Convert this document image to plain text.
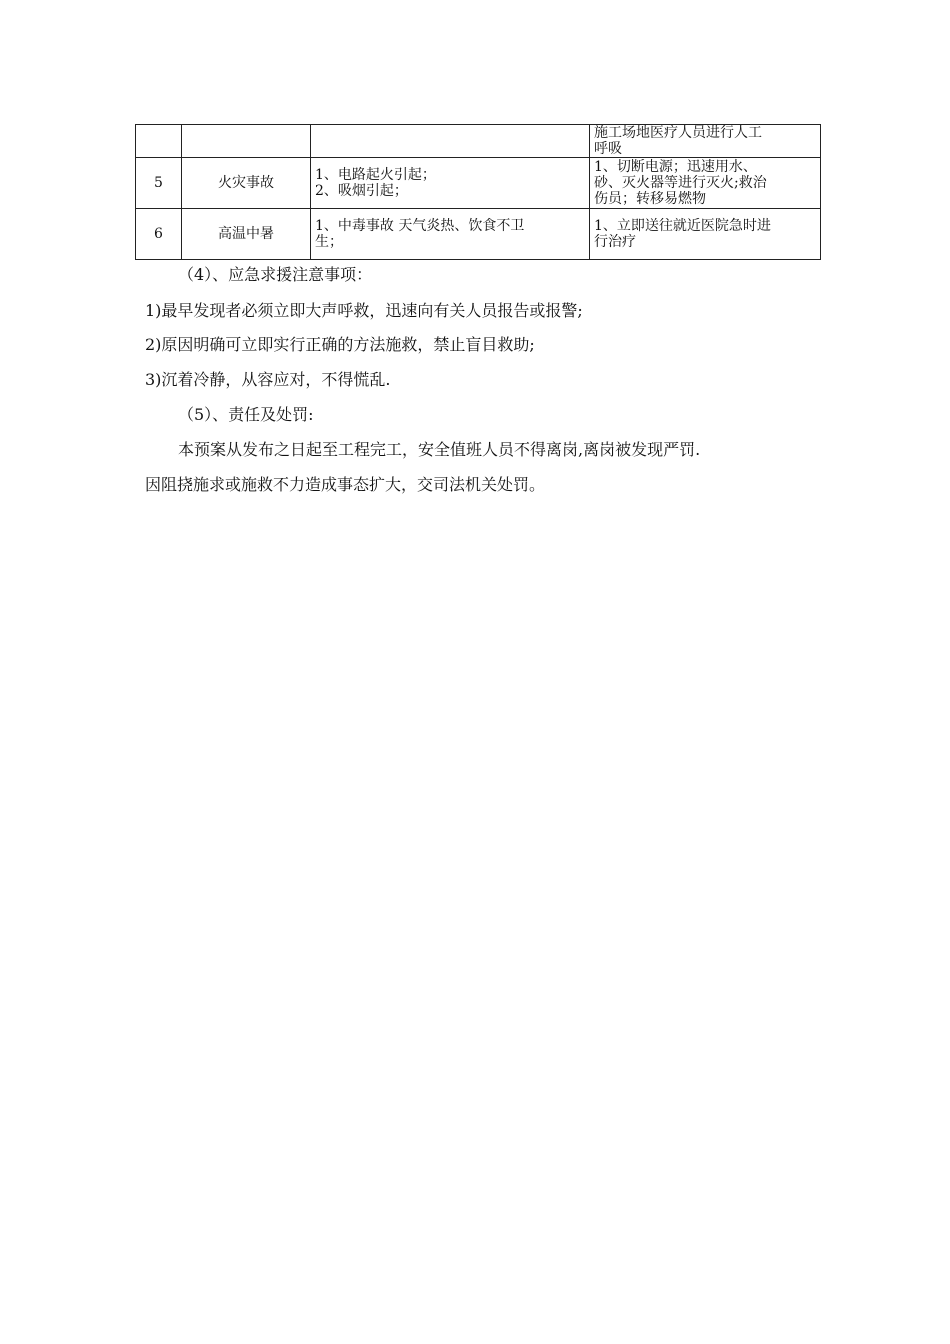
			施工场地医疗人员进行人工
呼吸

5	火灾事故	1、电路起火引起；
2、吸烟引起；	1、切断电源；迅速用水、
砂、灭火器等进行灭火;救治
伤员；转移易燃物

6	高温中暑	1、中毒事故 天气炎热、饮食不卫
生；	1、立即送往就近医院急时进
行治疗
（4）、应急求援注意事项：
1)最早发现者必须立即大声呼救，迅速向有关人员报告或报警;
2)原因明确可立即实行正确的方法施救，禁止盲目救助;
3)沉着冷静，从容应对，不得慌乱.
（5）、责任及处罚:
本预案从发布之日起至工程完工，安全值班人员不得离岗,离岗被发现严罚.
因阻挠施求或施救不力造成事态扩大，交司法机关处罚。
